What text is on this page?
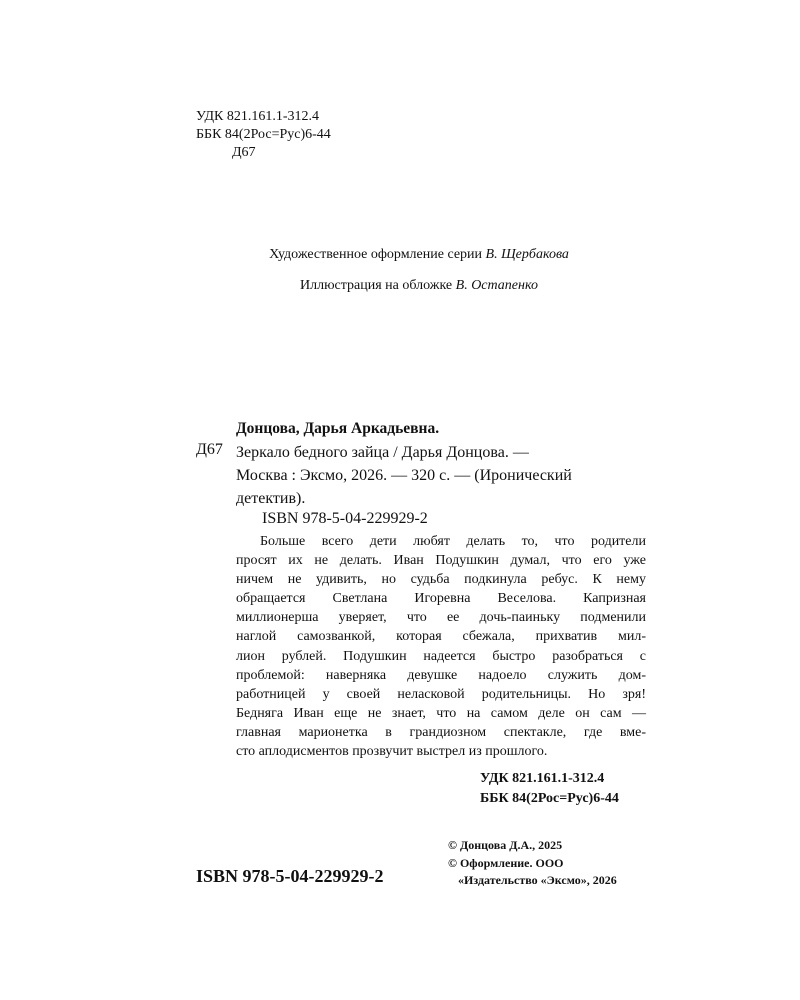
УДК 821.161.1-312.4
ББК 84(2Рос=Рус)6-44
Д67
Художественное оформление серии В. Щербакова
Иллюстрация на обложке В. Остапенко
Донцова, Дарья Аркадьевна.
Д67 Зеркало бедного зайца / Дарья Донцова. —
Москва : Эксмо, 2026. — 320 с. — (Иронический
детектив).
ISBN 978-5-04-229929-2
Больше всего дети любят делать то, что родители
просят их не делать. Иван Подушкин думал, что его уже
ничем не удивить, но судьба подкинула ребус. К нему
обращается Светлана Игоревна Веселова. Капризная
миллионерша уверяет, что ее дочь-паиньку подменили
наглой самозванкой, которая сбежала, прихватив мил-
лион рублей. Подушкин надеется быстро разобраться с
проблемой: наверняка девушке надоело служить дом-
работницей у своей неласковой родительницы. Но зря!
Бедняга Иван еще не знает, что на самом деле он сам —
главная марионетка в грандиозном спектакле, где вме-
сто аплодисментов прозвучит выстрел из прошлого.
УДК 821.161.1-312.4
ББК 84(2Рос=Рус)6-44
© Донцова Д.А., 2025
© Оформление. ООО
«Издательство «Эксмо», 2026
ISBN 978-5-04-229929-2
